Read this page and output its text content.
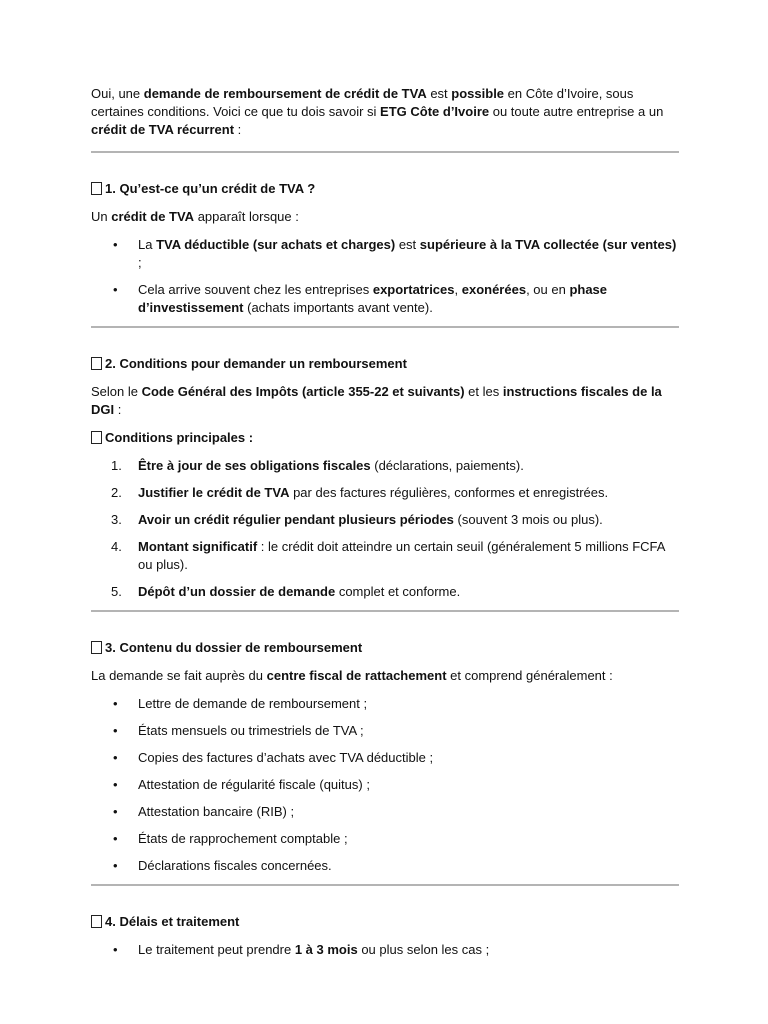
Oui, une demande de remboursement de crédit de TVA est possible en Côte d’Ivoire, sous certaines conditions. Voici ce que tu dois savoir si ETG Côte d’Ivoire ou toute autre entreprise a un crédit de TVA récurrent :

1. Qu’est-ce qu’un crédit de TVA ?

Un crédit de TVA apparaît lorsque :

•	La TVA déductible (sur achats et charges) est supérieure à la TVA collectée (sur ventes) ;
•	Cela arrive souvent chez les entreprises exportatrices, exonérées, ou en phase d’investissement (achats importants avant vente).

2. Conditions pour demander un remboursement

Selon le Code Général des Impôts (article 355-22 et suivants) et les instructions fiscales de la DGI :

Conditions principales :

1.	Être à jour de ses obligations fiscales (déclarations, paiements).
2.	Justifier le crédit de TVA par des factures régulières, conformes et enregistrées.
3.	Avoir un crédit régulier pendant plusieurs périodes (souvent 3 mois ou plus).
4.	Montant significatif : le crédit doit atteindre un certain seuil (généralement 5 millions FCFA ou plus).
5.	Dépôt d’un dossier de demande complet et conforme.

3. Contenu du dossier de remboursement

La demande se fait auprès du centre fiscal de rattachement et comprend généralement :

•	Lettre de demande de remboursement ;
•	États mensuels ou trimestriels de TVA ;
•	Copies des factures d’achats avec TVA déductible ;
•	Attestation de régularité fiscale (quitus) ;
•	Attestation bancaire (RIB) ;
•	États de rapprochement comptable ;
•	Déclarations fiscales concernées.

4. Délais et traitement

•	Le traitement peut prendre 1 à 3 mois ou plus selon les cas ;
